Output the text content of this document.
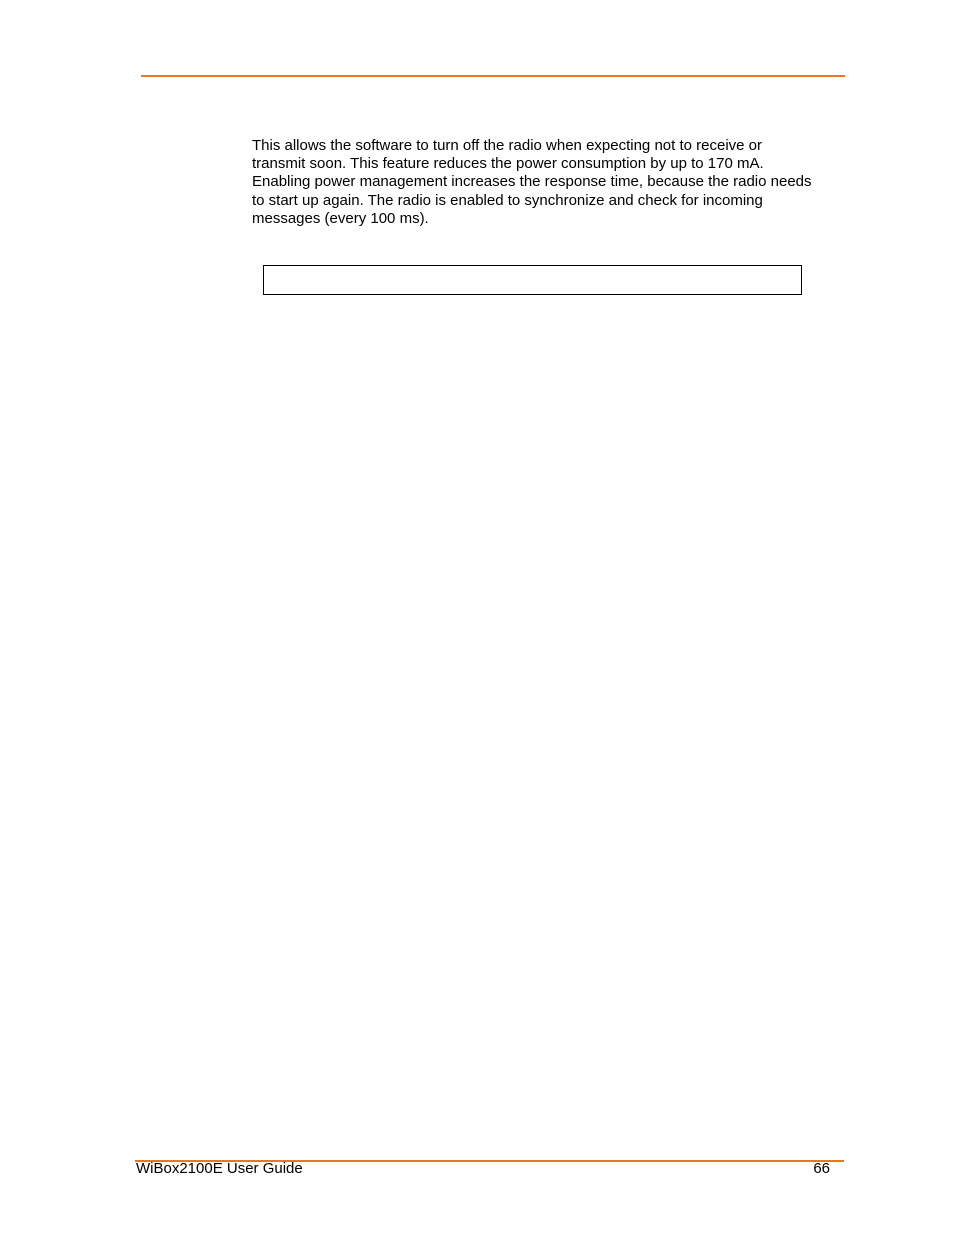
This allows the software to turn off the radio when expecting not to receive or
transmit soon. This feature reduces the power consumption by up to 170 mA.
Enabling power management increases the response time, because the radio needs
to start up again. The radio is enabled to synchronize and check for incoming
messages (every 100 ms).

WiBox2100E User Guide	66
